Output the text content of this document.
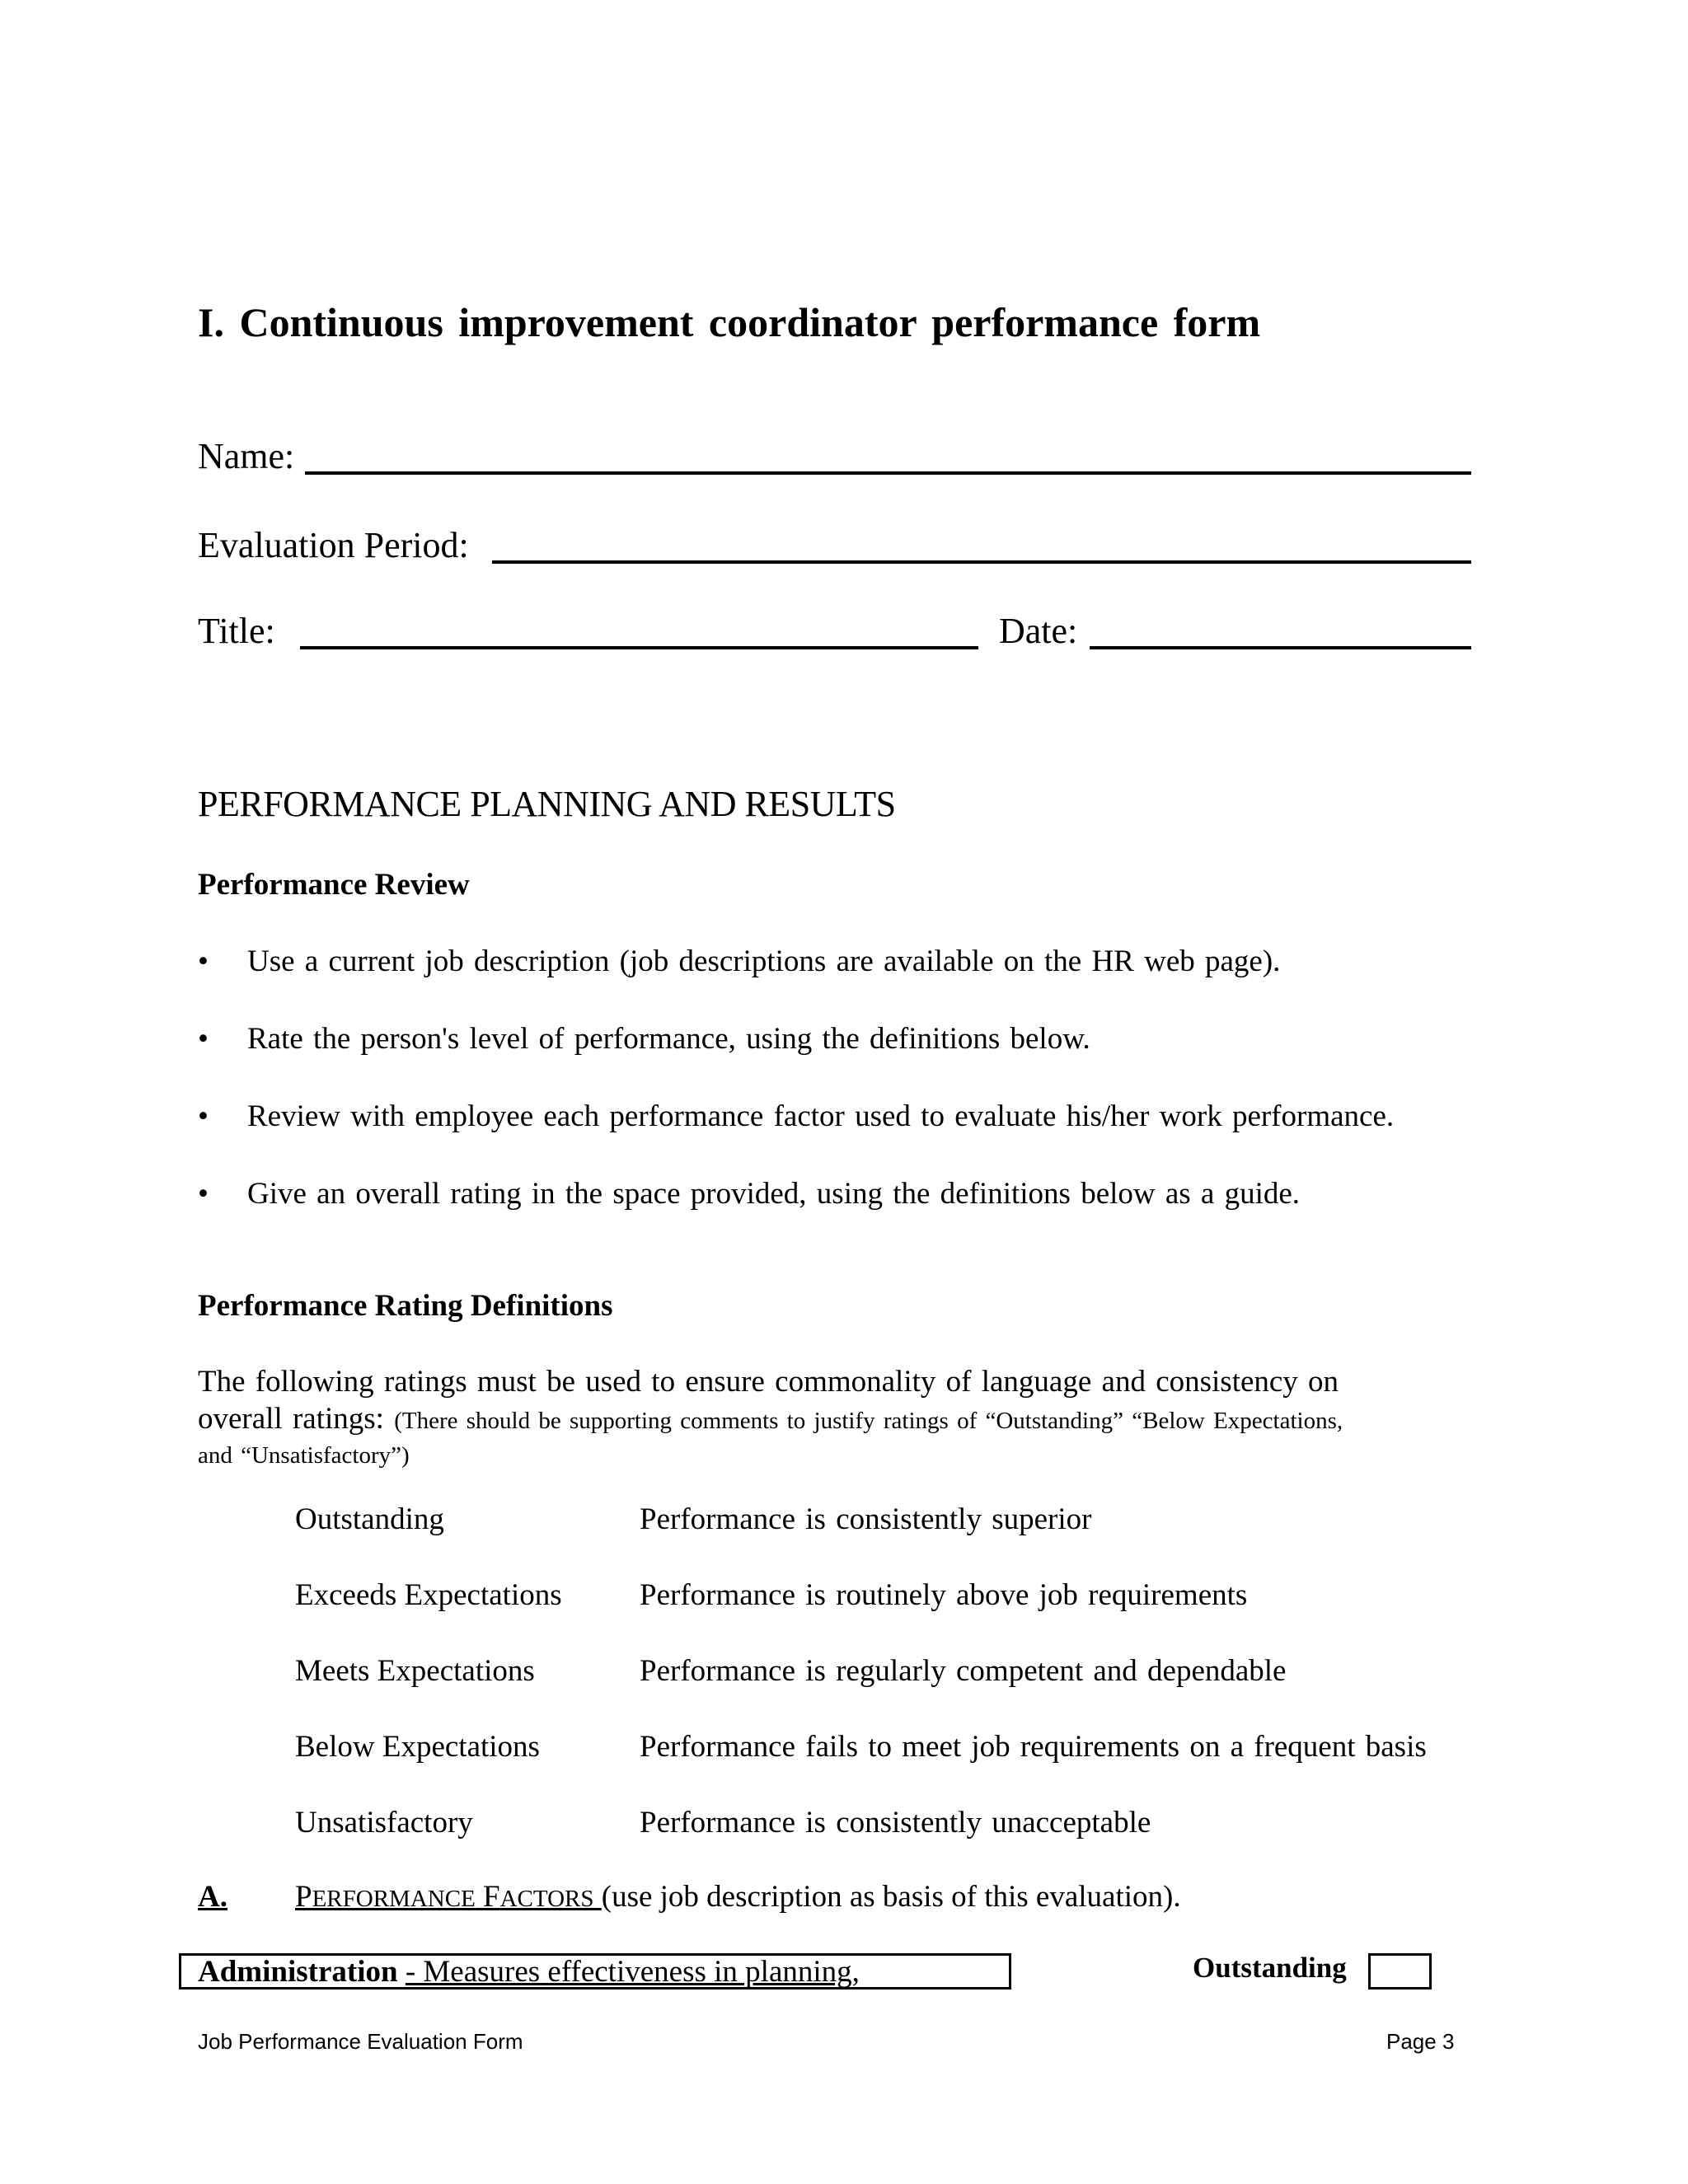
I. Continuous improvement coordinator performance form
Name:
Evaluation Period:
Title:	Date:
PERFORMANCE PLANNING AND RESULTS
Performance Review
• Use a current job description (job descriptions are available on the HR web page).
• Rate the person's level of performance, using the definitions below.
• Review with employee each performance factor used to evaluate his/her work performance.
• Give an overall rating in the space provided, using the definitions below as a guide.
Performance Rating Definitions
The following ratings must be used to ensure commonality of language and consistency on
overall ratings: (There should be supporting comments to justify ratings of “Outstanding” “Below Expectations,
and “Unsatisfactory”)
Outstanding	Performance is consistently superior
Exceeds Expectations	Performance is routinely above job requirements
Meets Expectations	Performance is regularly competent and dependable
Below Expectations	Performance fails to meet job requirements on a frequent basis
Unsatisfactory	Performance is consistently unacceptable
A. PERFORMANCE FACTORS (use job description as basis of this evaluation).
Administration - Measures effectiveness in planning,	Outstanding
Job Performance Evaluation Form	Page 3
